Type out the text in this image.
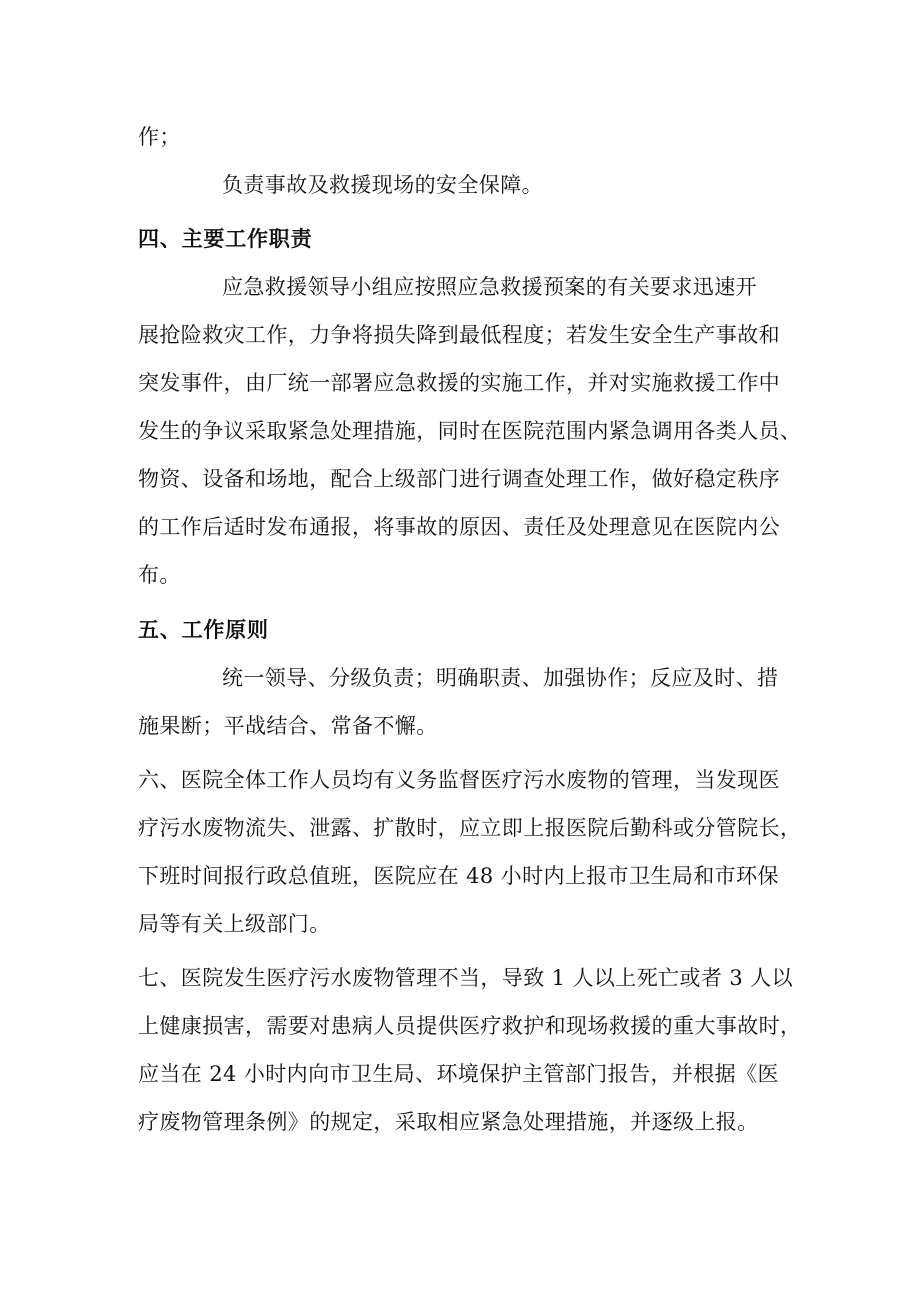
作；
负责事故及救援现场的安全保障。
四、主要工作职责
应急救援领导小组应按照应急救援预案的有关要求迅速开
展抢险救灾工作，力争将损失降到最低程度；若发生安全生产事故和
突发事件，由厂统一部署应急救援的实施工作，并对实施救援工作中
发生的争议采取紧急处理措施，同时在医院范围内紧急调用各类人员、
物资、设备和场地，配合上级部门进行调查处理工作，做好稳定秩序
的工作后适时发布通报，将事故的原因、责任及处理意见在医院内公
布。
五、工作原则
统一领导、分级负责；明确职责、加强协作；反应及时、措
施果断；平战结合、常备不懈。
六、医院全体工作人员均有义务监督医疗污水废物的管理，当发现医
疗污水废物流失、泄露、扩散时，应立即上报医院后勤科或分管院长，
下班时间报行政总值班，医院应在 48 小时内上报市卫生局和市环保
局等有关上级部门。
七、医院发生医疗污水废物管理不当，导致 1 人以上死亡或者 3 人以
上健康损害，需要对患病人员提供医疗救护和现场救援的重大事故时，
应当在 24 小时内向市卫生局、环境保护主管部门报告，并根据《医
疗废物管理条例》的规定，采取相应紧急处理措施，并逐级上报。
